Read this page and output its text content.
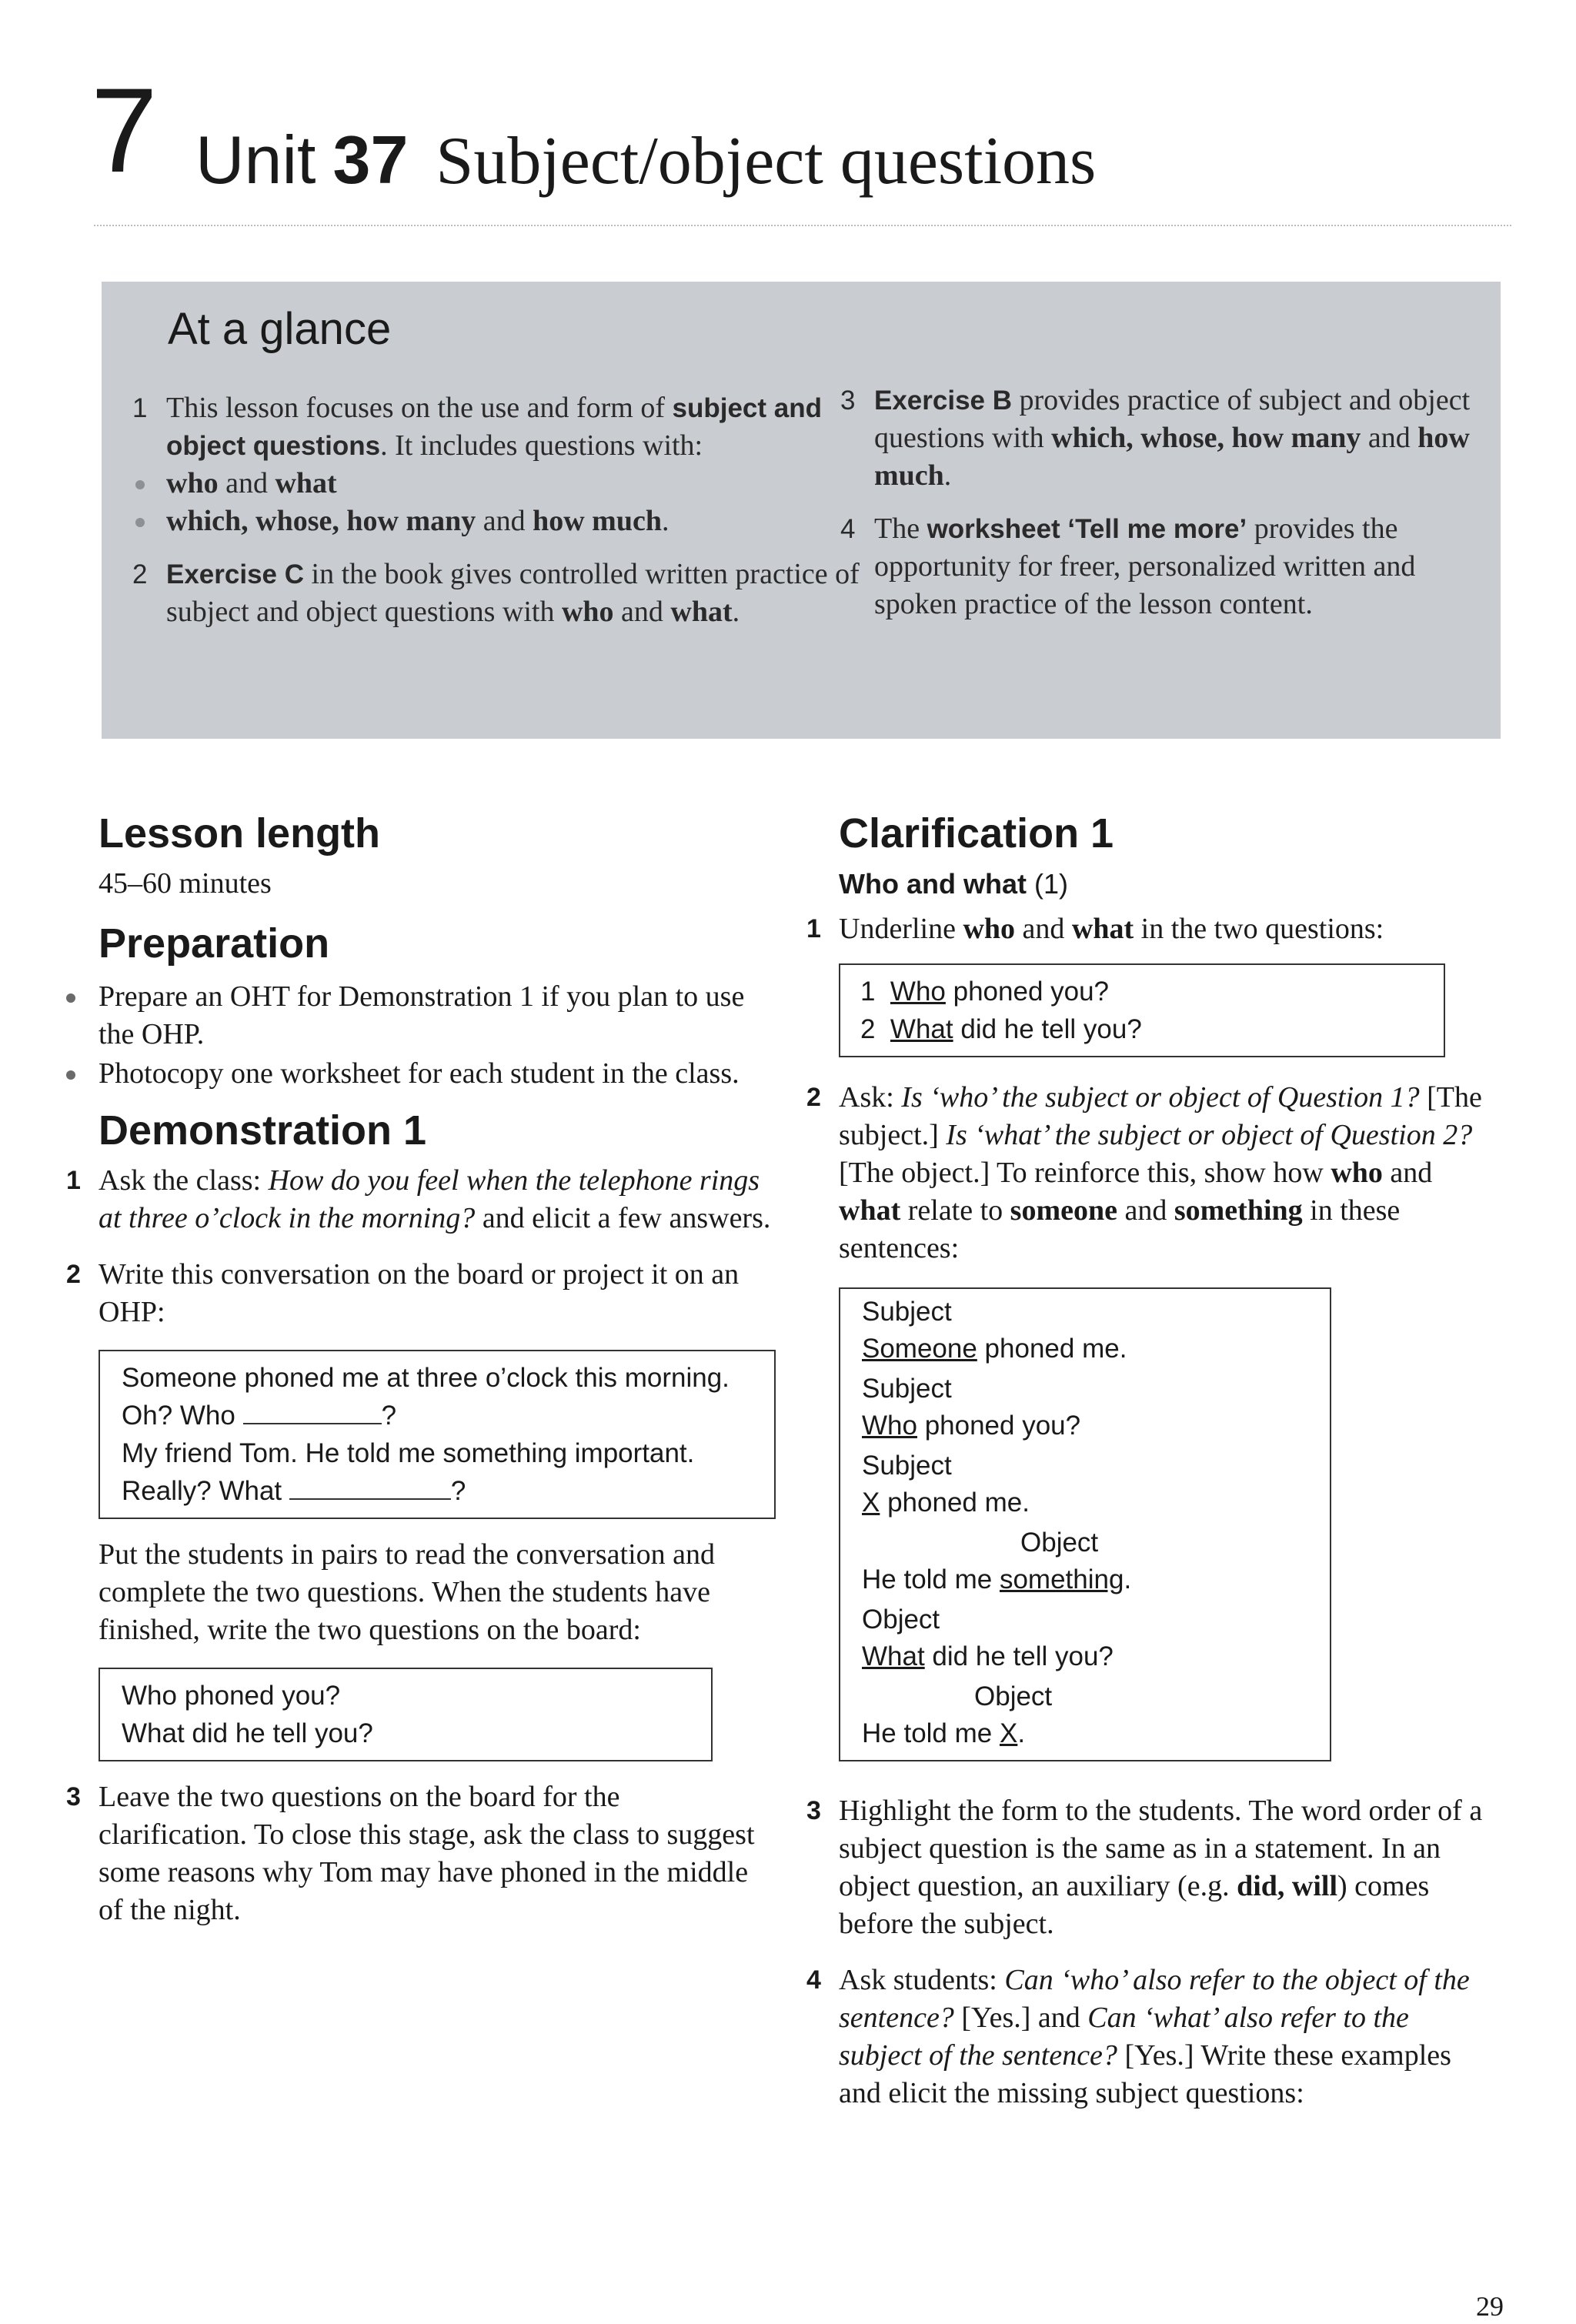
7 Unit 37 Subject/object questions
At a glance
1 This lesson focuses on the use and form of subject and object questions. It includes questions with:
who and what
which, whose, how many and how much.
2 Exercise C in the book gives controlled written practice of subject and object questions with who and what.
3 Exercise B provides practice of subject and object questions with which, whose, how many and how much.
4 The worksheet ‘Tell me more’ provides the opportunity for freer, personalized written and spoken practice of the lesson content.
Lesson length
45–60 minutes
Preparation
Prepare an OHT for Demonstration 1 if you plan to use the OHP.
Photocopy one worksheet for each student in the class.
Demonstration 1
1 Ask the class: How do you feel when the telephone rings at three o’clock in the morning? and elicit a few answers.
2 Write this conversation on the board or project it on an OHP:
Someone phoned me at three o’clock this morning.
Oh? Who	?
My friend Tom. He told me something important.
Really? What	?
Put the students in pairs to read the conversation and complete the two questions. When the students have finished, write the two questions on the board:
Who phoned you?
What did he tell you?
3 Leave the two questions on the board for the clarification. To close this stage, ask the class to suggest some reasons why Tom may have phoned in the middle of the night.
Clarification 1
Who and what (1)
1 Underline who and what in the two questions:
1 Who phoned you?
2 What did he tell you?
2 Ask: Is ‘who’ the subject or object of Question 1? [The subject.] Is ‘what’ the subject or object of Question 2? [The object.] To reinforce this, show how who and what relate to someone and something in these sentences:
Subject
Someone phoned me.
Subject
Who phoned you?
Subject
X phoned me.
Object
He told me something.
Object
What did he tell you?
Object
He told me X.
3 Highlight the form to the students. The word order of a subject question is the same as in a statement. In an object question, an auxiliary (e.g. did, will) comes before the subject.
4 Ask students: Can ‘who’ also refer to the object of the sentence? [Yes.] and Can ‘what’ also refer to the subject of the sentence? [Yes.] Write these examples and elicit the missing subject questions:
29
